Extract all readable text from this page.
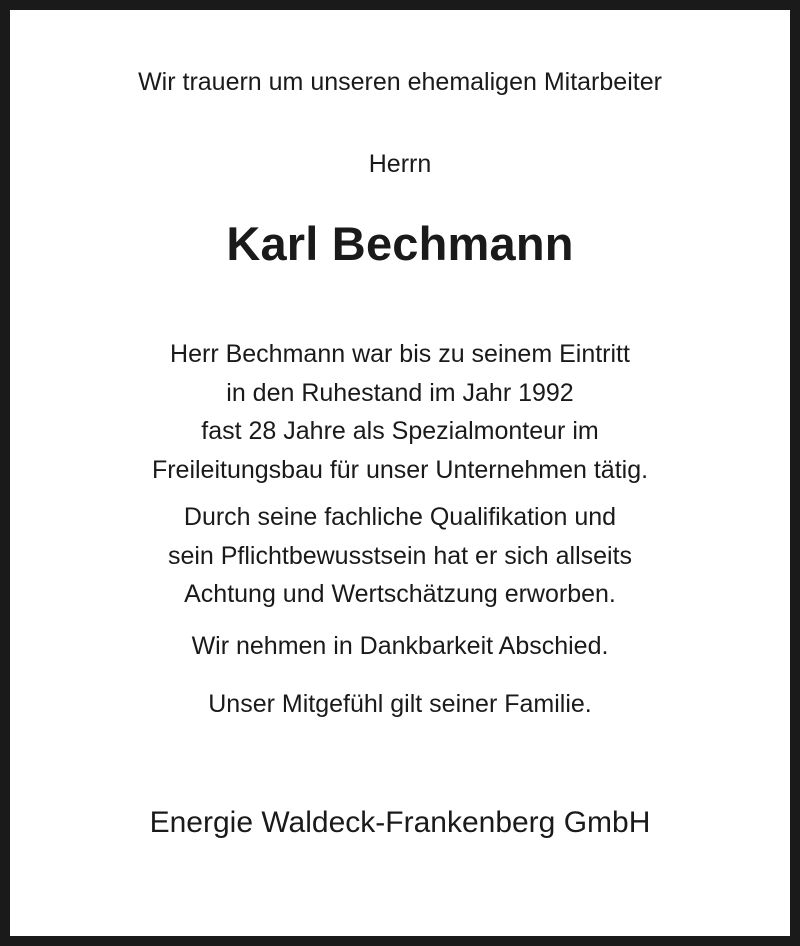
Wir trauern um unseren ehemaligen Mitarbeiter
Herrn
Karl Bechmann
Herr Bechmann war bis zu seinem Eintritt
in den Ruhestand im Jahr 1992
fast 28 Jahre als Spezialmonteur im
Freileitungsbau für unser Unternehmen tätig.
Durch seine fachliche Qualifikation und
sein Pflichtbewusstsein hat er sich allseits
Achtung und Wertschätzung erworben.
Wir nehmen in Dankbarkeit Abschied.
Unser Mitgefühl gilt seiner Familie.
Energie Waldeck-Frankenberg GmbH
